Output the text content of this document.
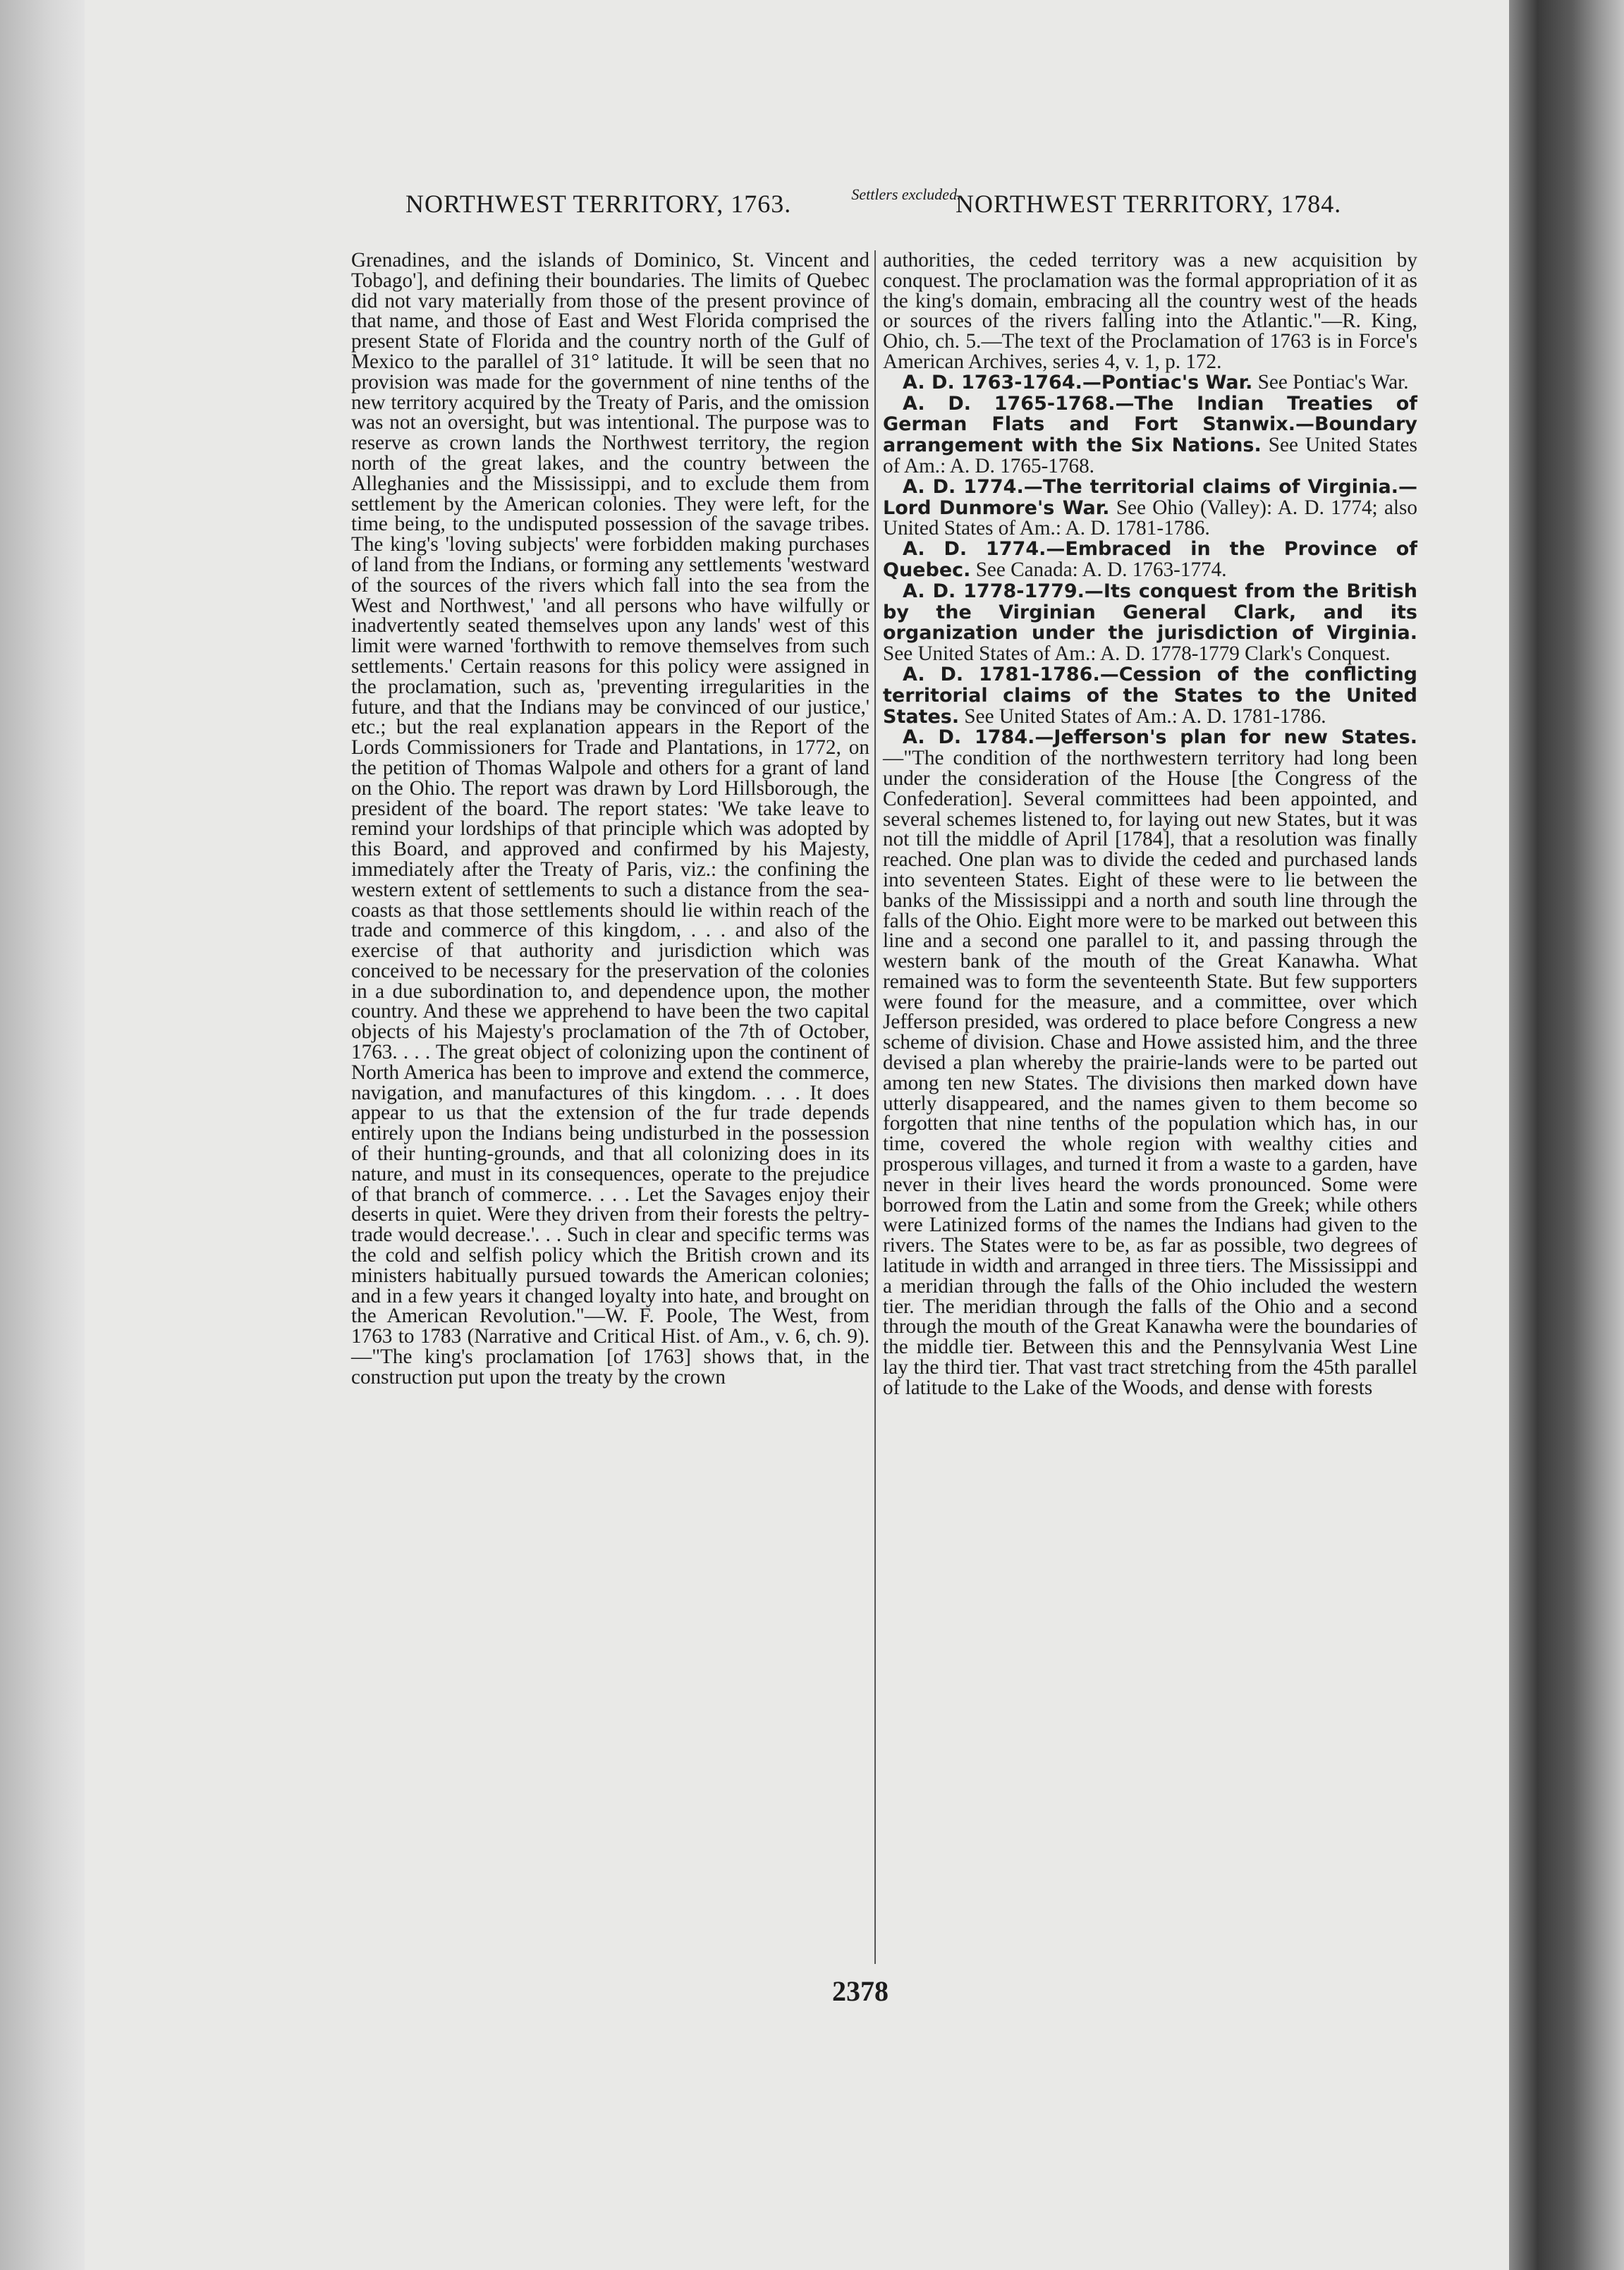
NORTHWEST TERRITORY, 1763.	Settlers excluded.
NORTHWEST TERRITORY, 1784.

Grenadines, and the islands of Dominico, St. Vincent and Tobago'], and defining their boundaries. The limits of Quebec did not vary materially from those of the present province of that name, and those of East and West Florida comprised the present State of Florida and the country north of the Gulf of Mexico to the parallel of 31° latitude. It will be seen that no provision was made for the government of nine tenths of the new territory acquired by the Treaty of Paris, and the omission was not an oversight, but was intentional. The purpose was to reserve as crown lands the Northwest territory, the region north of the great lakes, and the country between the Alleghanies and the Mississippi, and to exclude them from settlement by the American colonies. They were left, for the time being, to the undisputed possession of the savage tribes. The king's 'loving subjects' were forbidden making purchases of land from the Indians, or forming any settlements 'westward of the sources of the rivers which fall into the sea from the West and Northwest,' 'and all persons who have wilfully or inadvertently seated themselves upon any lands' west of this limit were warned 'forthwith to remove themselves from such settlements.' Certain reasons for this policy were assigned in the proclamation, such as, 'preventing irregularities in the future, and that the Indians may be convinced of our justice,' etc.; but the real explanation appears in the Report of the Lords Commissioners for Trade and Plantations, in 1772, on the petition of Thomas Walpole and others for a grant of land on the Ohio. The report was drawn by Lord Hillsborough, the president of the board. The report states: 'We take leave to remind your lordships of that principle which was adopted by this Board, and approved and confirmed by his Majesty, immediately after the Treaty of Paris, viz.: the confining the western extent of settlements to such a distance from the sea-coasts as that those settlements should lie within reach of the trade and commerce of this kingdom, . . . and also of the exercise of that authority and jurisdiction which was conceived to be necessary for the preservation of the colonies in a due subordination to, and dependence upon, the mother country. And these we apprehend to have been the two capital objects of his Majesty's proclamation of the 7th of October, 1763. . . . The great object of colonizing upon the continent of North America has been to improve and extend the commerce, navigation, and manufactures of this kingdom. . . . It does appear to us that the extension of the fur trade depends entirely upon the Indians being undisturbed in the possession of their hunting-grounds, and that all colonizing does in its nature, and must in its consequences, operate to the prejudice of that branch of commerce. . . . Let the Savages enjoy their deserts in quiet. Were they driven from their forests the peltry-trade would decrease.'. . . Such in clear and specific terms was the cold and selfish policy which the British crown and its ministers habitually pursued towards the American colonies; and in a few years it changed loyalty into hate, and brought on the American Revolution."—W. F. Poole, The West, from 1763 to 1783 (Narrative and Critical Hist. of Am., v. 6, ch. 9).—"The king's proclamation [of 1763] shows that, in the construction put upon the treaty by the crown

authorities, the ceded territory was a new acquisition by conquest. The proclamation was the formal appropriation of it as the king's domain, embracing all the country west of the heads or sources of the rivers falling into the Atlantic."—R. King, Ohio, ch. 5.—The text of the Proclamation of 1763 is in Force's American Archives, series 4, v. 1, p. 172.

A. D. 1763-1764.—Pontiac's War. See Pontiac's War.

A. D. 1765-1768.—The Indian Treaties of German Flats and Fort Stanwix.—Boundary arrangement with the Six Nations. See United States of Am.: A. D. 1765-1768.

A. D. 1774.—The territorial claims of Virginia.—Lord Dunmore's War. See Ohio (Valley): A. D. 1774; also United States of Am.: A. D. 1781-1786.

A. D. 1774.—Embraced in the Province of Quebec. See Canada: A. D. 1763-1774.

A. D. 1778-1779.—Its conquest from the British by the Virginian General Clark, and its organization under the jurisdiction of Virginia. See United States of Am.: A. D. 1778-1779 Clark's Conquest.

A. D. 1781-1786.—Cession of the conflicting territorial claims of the States to the United States. See United States of Am.: A. D. 1781-1786.

A. D. 1784.—Jefferson's plan for new States. —"The condition of the northwestern territory had long been under the consideration of the House [the Congress of the Confederation]. Several committees had been appointed, and several schemes listened to, for laying out new States, but it was not till the middle of April [1784], that a resolution was finally reached. One plan was to divide the ceded and purchased lands into seventeen States. Eight of these were to lie between the banks of the Mississippi and a north and south line through the falls of the Ohio. Eight more were to be marked out between this line and a second one parallel to it, and passing through the western bank of the mouth of the Great Kanawha. What remained was to form the seventeenth State. But few supporters were found for the measure, and a committee, over which Jefferson presided, was ordered to place before Congress a new scheme of division. Chase and Howe assisted him, and the three devised a plan whereby the prairie-lands were to be parted out among ten new States. The divisions then marked down have utterly disappeared, and the names given to them become so forgotten that nine tenths of the population which has, in our time, covered the whole region with wealthy cities and prosperous villages, and turned it from a waste to a garden, have never in their lives heard the words pronounced. Some were borrowed from the Latin and some from the Greek; while others were Latinized forms of the names the Indians had given to the rivers. The States were to be, as far as possible, two degrees of latitude in width and arranged in three tiers. The Mississippi and a meridian through the falls of the Ohio included the western tier. The meridian through the falls of the Ohio and a second through the mouth of the Great Kanawha were the boundaries of the middle tier. Between this and the Pennsylvania West Line lay the third tier. That vast tract stretching from the 45th parallel of latitude to the Lake of the Woods, and dense with forests

2378
